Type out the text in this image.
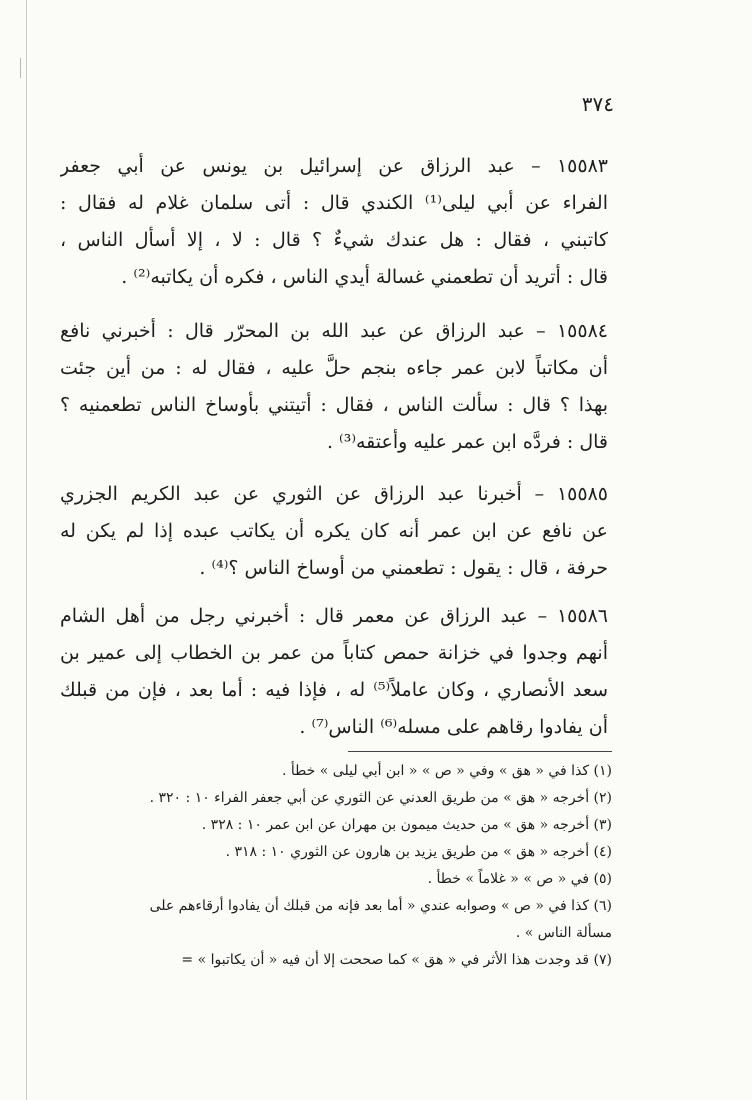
٣٧٤
١٥٥٨٣ – عبد الرزاق عن إسرائيل بن يونس عن أبي جعفر
الفراء عن أبي ليلى⁽¹⁾ الكندي قال : أتى سلمان غلام له فقال :
كاتبني ، فقال : هل عندك شيءٌ ؟ قال : لا ، إلا أسأل الناس ،
قال : أتريد أن تطعمني غسالة أيدي الناس ، فكره أن يكاتبه⁽²⁾ .
١٥٥٨٤ – عبد الرزاق عن عبد الله بن المحرّر قال : أخبرني نافع
أن مكاتباً لابن عمر جاءه بنجم حلَّ عليه ، فقال له : من أين جئت
بهذا ؟ قال : سألت الناس ، فقال : أتيتني بأوساخ الناس تطعمنيه ؟
قال : فردَّه ابن عمر عليه وأعتقه⁽³⁾ .
١٥٥٨٥ – أخبرنا عبد الرزاق عن الثوري عن عبد الكريم الجزري
عن نافع عن ابن عمر أنه كان يكره أن يكاتب عبده إذا لم يكن له
حرفة ، قال : يقول : تطعمني من أوساخ الناس ؟⁽⁴⁾ .
١٥٥٨٦ – عبد الرزاق عن معمر قال : أخبرني رجل من أهل الشام
أنهم وجدوا في خزانة حمص كتاباً من عمر بن الخطاب إلى عمير بن
سعد الأنصاري ، وكان عاملاً⁽⁵⁾ له ، فإذا فيه : أما بعد ، فإن من قبلك
أن يفادوا رقاهم على مسله⁽⁶⁾ الناس⁽⁷⁾ .
(١) كذا في « هق » وفي « ص » « ابن أبي ليلى » خطأ .
(٢) أخرجه « هق » من طريق العدني عن الثوري عن أبي جعفر الفراء ١٠ : ٣٢٠ .
(٣) أخرجه « هق » من حديث ميمون بن مهران عن ابن عمر ١٠ : ٣٢٨ .
(٤) أخرجه « هق » من طريق يزيد بن هارون عن الثوري ١٠ : ٣١٨ .
(٥) في « ص » « غلاماً » خطأ .
(٦) كذا في « ص » وصوابه عندي « أما بعد فإنه من قبلك أن يفادوا أرقاءهم على
مسألة الناس » .
(٧) قد وجدت هذا الأثر في « هق » كما صححت إلا أن فيه « أن يكاتبوا » =
